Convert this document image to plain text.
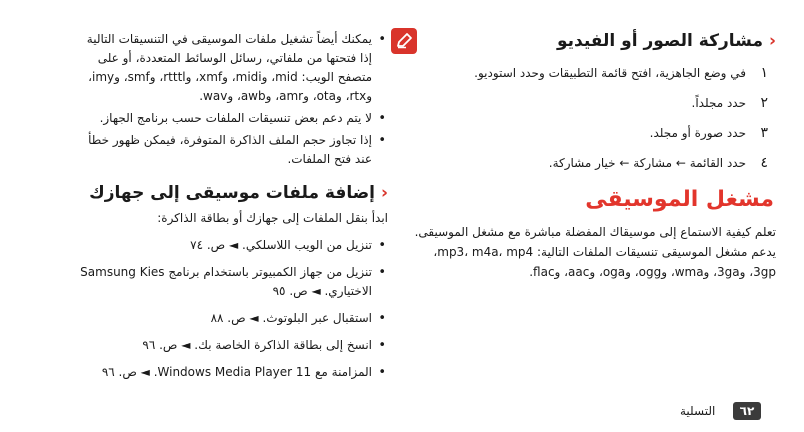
‹مشاركة الصور أو الفيديو
١
في وضع الجاهزية، افتح قائمة التطبيقات وحدد استوديو.
٢
حدد مجلداً.
٣
حدد صورة أو مجلد.
٤
حدد القائمة ← مشاركة ← خيار مشاركة.
مشغل الموسيقى
تعلم كيفية الاستماع إلى موسيقاك المفضلة مباشرة مع مشغل الموسيقى.
يدعم مشغل الموسيقى تنسيقات الملفات التالية: mp3، m4a، mp4،
3gp، و3ga، وwma، وogg، وoga، وaac، وflac.
• يمكنك أيضاً تشغيل ملفات الموسيقى في التنسيقات التالية إذا فتحتها من ملفاتي، رسائل الوسائط المتعددة، أو على متصفح الويب: mid، وmidi، وxmf، وrtttl، وsmf، وimy، وrtx، وota، وamr، وawb، وwav.
• لا يتم دعم بعض تنسيقات الملفات حسب برنامج الجهاز.
• إذا تجاوز حجم الملف الذاكرة المتوفرة، فيمكن ظهور خطأ عند فتح الملفات.
‹إضافة ملفات موسيقى إلى جهازك
ابدأ بنقل الملفات إلى جهازك أو بطاقة الذاكرة:
• تنزيل من الويب اللاسلكي. ◄ ص. ٧٤
• تنزيل من جهاز الكمبيوتر باستخدام برنامج Samsung Kies الاختياري. ◄ ص. ٩٥
• استقبال عبر البلوتوث. ◄ ص. ٨٨
• انسخ إلى بطاقة الذاكرة الخاصة بك. ◄ ص. ٩٦
• المزامنة مع Windows Media Player 11. ◄ ص. ٩٦
التسلية	٦٢
